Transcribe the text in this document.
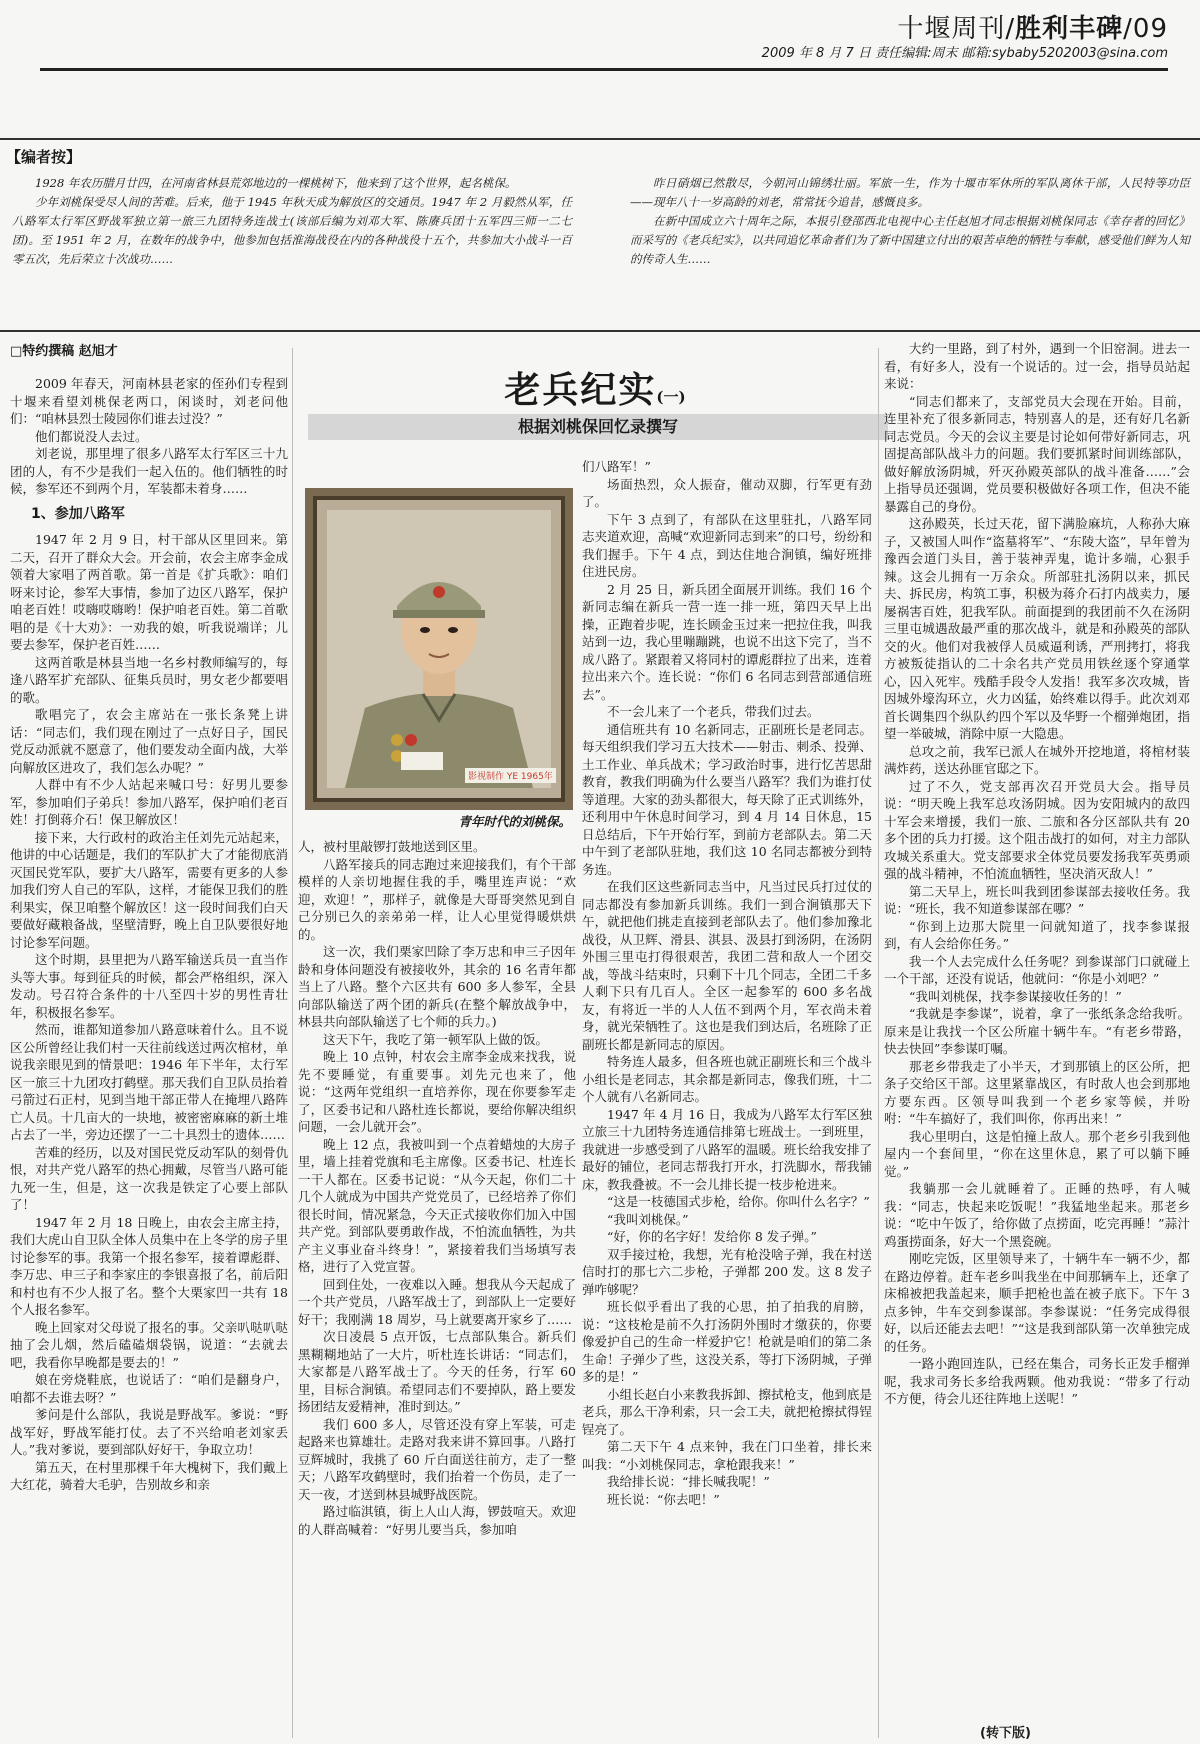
十堰周刊/胜利丰碑/09
2009 年 8 月 7 日 责任编辑:周末 邮箱:sybaby5202003@sina.com
【编者按】

1928 年农历腊月廿四，在河南省林县荒郊地边的一棵桃树下，他来到了这个世界，起名桃保。

少年刘桃保受尽人间的苦难。后来，他于 1945 年秋天成为解放区的交通员。1947 年 2 月毅然从军，任八路军太行军区野战军独立第一旅三九团特务连战士(该部后编为刘邓大军、陈赓兵团十五军四三师一二七团)。至 1951 年 2 月，在数年的战争中，他参加包括淮海战役在内的各种战役十五个，共参加大小战斗一百零五次，先后荣立十次战功……

昨日硝烟已然散尽，今朝河山锦绣壮丽。军旅一生，作为十堰市军休所的军队离休干部，人民特等功臣——现年八十一岁高龄的刘老，常常抚今追昔，感慨良多。

在新中国成立六十周年之际，本报引登邵西北电视中心主任赵旭才同志根据刘桃保同志《幸存者的回忆》而采写的《老兵纪实》，以共同追忆革命者们为了新中国建立付出的艰苦卓绝的牺牲与奉献，感受他们鲜为人知的传奇人生……

□特约撰稿 赵旭才
老兵纪实(一)
根据刘桃保回忆录撰写

2009 年春天，河南林县老家的侄孙们专程到十堰来看望刘桃保老两口，闲谈时，刘老问他们：“咱林县烈士陵园你们谁去过没？”

他们都说没人去过。

刘老说，那里埋了很多八路军太行军区三十九团的人，有不少是我们一起入伍的。他们牺牲的时候，参军还不到两个月，军装都未着身……

1、参加八路军

1947 年 2 月 9 日，村干部从区里回来。第二天，召开了群众大会。开会前，农会主席李金成领着大家唱了两首歌。第一首是《扩兵歌》：咱们呀来讨论，参军大事情，参加了边区八路军，保护咱老百姓！哎嗨哎嗨哟！保护咱老百姓。第二首歌唱的是《十大劝》：一劝我的娘，听我说端详；儿要去参军，保护老百姓……

这两首歌是林县当地一名乡村教师编写的，每逢八路军扩充部队、征集兵员时，男女老少都要唱的歌。

歌唱完了，农会主席站在一张长条凳上讲话：“同志们，我们现在刚过了一点好日子，国民党反动派就不愿意了，他们要发动全面内战，大举向解放区进攻了，我们怎么办呢？”

人群中有不少人站起来喊口号：好男儿要参军，参加咱们子弟兵！参加八路军，保护咱们老百姓！打倒蒋介石！保卫解放区！

接下来，大行政村的政治主任刘先元站起来，他讲的中心话题是，我们的军队扩大了才能彻底消灭国民党军队，要扩大八路军，需要有更多的人参加我们穷人自己的军队，这样，才能保卫我们的胜利果实，保卫咱整个解放区！这一段时间我们白天要做好藏粮备战，坚壁清野，晚上自卫队要很好地讨论参军问题。

这个时期，县里把为八路军输送兵员一直当作头等大事。每到征兵的时候，都会严格组织，深入发动。号召符合条件的十八至四十岁的男性青壮年，积极报名参军。

然而，谁都知道参加八路意味着什么。且不说区公所曾经让我们村一天往前线送过两次棺材，单说我亲眼见到的情景吧：1946 年下半年，太行军区一旅三十九团攻打鹤壁。那天我们自卫队员抬着弓箭过石正村，见到当地干部正带人在掩埋八路阵亡人员。十几亩大的一块地，被密密麻麻的新土堆占去了一半，旁边还摆了一二十具烈士的遗体……

苦难的经历，以及对国民党反动军队的刻骨仇恨，对共产党八路军的热心拥戴，尽管当八路可能九死一生，但是，这一次我是铁定了心要上部队了！

1947 年 2 月 18 日晚上，由农会主席主持，我们大虎山自卫队全体人员集中在上冬学的房子里讨论参军的事。我第一个报名参军，接着谭彪群、李万忠、申三子和李家庄的李银喜报了名，前后阳和村也有不少人报了名。整个大栗家凹一共有 18 个人报名参军。

晚上回家对父母说了报名的事。父亲叭哒叭哒抽了会儿烟，然后磕磕烟袋锅，说道：“去就去吧，我看你早晚都是要去的！”

娘在旁烧鞋底，也说话了：“咱们是翻身户，咱都不去谁去呀？”

爹问是什么部队，我说是野战军。爹说：“野战军好，野战军能打仗。去了不兴给咱老刘家丢人。”我对爹说，要到部队好好干，争取立功！

第五天，在村里那棵千年大槐树下，我们戴上大红花，骑着大毛驴，告别故乡和亲

影视制作 YE 1965年
青年时代的刘桃保。

人，被村里敲锣打鼓地送到区里。

八路军接兵的同志跑过来迎接我们，有个干部模样的人亲切地握住我的手，嘴里连声说：“欢迎，欢迎！”，那样子，就像是大哥哥突然见到自己分别已久的亲弟弟一样，让人心里觉得暖烘烘的。

这一次，我们栗家凹除了李万忠和申三子因年龄和身体问题没有被接收外，其余的 16 名青年都当上了八路。整个六区共有 600 多人参军，全县向部队输送了两个团的新兵(在整个解放战争中，林县共向部队输送了七个师的兵力。)

这天下午，我吃了第一顿军队上做的饭。

晚上 10 点钟，村农会主席李金成来找我，说先不要睡觉，有重要事。刘先元也来了，他说：“这两年党组织一直培养你，现在你要参军走了，区委书记和八路杜连长都说，要给你解决组织问题，一会儿就开会”。

晚上 12 点，我被叫到一个点着蜡烛的大房子里，墙上挂着党旗和毛主席像。区委书记、杜连长一干人都在。区委书记说：“从今天起，你们二十几个人就成为中国共产党党员了，已经培养了你们很长时间，情况紧急，今天正式接收你们加入中国共产党。到部队要勇敢作战，不怕流血牺牲，为共产主义事业奋斗终身！”，紧接着我们当场填写表格，进行了入党宣誓。

回到住处，一夜难以入睡。想我从今天起成了一个共产党员，八路军战士了，到部队上一定要好好干；我刚满 18 周岁，马上就要离开家乡了……

次日凌晨 5 点开饭，七点部队集合。新兵们黑糊糊地站了一大片，听杜连长讲话：“同志们，大家都是八路军战士了。今天的任务，行军 60 里，目标合涧镇。希望同志们不要掉队，路上要发扬团结友爱精神，准时到达。”

我们 600 多人，尽管还没有穿上军装，可走起路来也算雄壮。走路对我来讲不算回事。八路打豆辉城时，我挑了 60 斤白面送往前方，走了一整天；八路军攻鹤壁时，我们抬着一个伤员，走了一天一夜，才送到林县城野战医院。

路过临淇镇，街上人山人海，锣鼓喧天。欢迎的人群高喊着：“好男儿要当兵，参加咱

们八路军！”

场面热烈，众人振奋，催动双脚，行军更有劲了。

下午 3 点到了，有部队在这里驻扎，八路军同志夹道欢迎，高喊“欢迎新同志到来”的口号，纷纷和我们握手。下午 4 点，到达住地合涧镇，编好班排住进民房。

2 月 25 日，新兵团全面展开训练。我们 16 个新同志编在新兵一营一连一排一班，第四天早上出操，正跑着步呢，连长顾金玉过来一把拉住我，叫我站到一边，我心里嘣蹦跳，也说不出这下完了，当不成八路了。紧跟着又将同村的谭彪群拉了出来，连着拉出来六个。连长说：“你们 6 名同志到营部通信班去”。

不一会儿来了一个老兵，带我们过去。

通信班共有 10 名新同志，正副班长是老同志。每天组织我们学习五大技术——射击、刺杀、投弹、土工作业、单兵战术；学习政治时事，进行忆苦思甜教育，教我们明确为什么要当八路军？我们为谁打仗等道理。大家的劲头都很大，每天除了正式训练外，还利用中午休息时间学习，到 4 月 14 日休息，15 日总结后，下午开始行军，到前方老部队去。第二天中午到了老部队驻地，我们这 10 名同志都被分到特务连。

在我们区这些新同志当中，凡当过民兵打过仗的同志都没有参加新兵训练。我们一到合涧镇那天下午，就把他们挑走直接到老部队去了。他们参加豫北战役，从卫辉、滑县、淇县、汲县打到汤阴，在汤阴外围三里屯打得很艰苦，我团二营和敌人一个团交战，等战斗结束时，只剩下十几个同志，全团二千多人剩下只有几百人。全区一起参军的 600 多名战友，有将近一半的人人伍不到两个月，军衣尚未着身，就光荣牺牲了。这也是我们到达后，名班除了正副班长都是新同志的原因。

特务连人最多，但各班也就正副班长和三个战斗小组长是老同志，其余都是新同志，像我们班，十二个人就有八名新同志。

1947 年 4 月 16 日，我成为八路军太行军区独立旅三十九团特务连通信排第七班战士。一到班里，我就进一步感受到了八路军的温暖。班长给我安排了最好的铺位，老同志帮我打开水，打洗脚水，帮我铺床，教我叠被。不一会儿排长提一枝步枪进来。

“这是一枝德国式步枪，给你。你叫什么名字？”

“我叫刘桃保。”

“好，你的名字好！发给你 8 发子弹。”

双手接过枪，我想，光有枪没啥子弹，我在村送信时打的那七六二步枪，子弹都 200 发。这 8 发子弹咋够呢？

班长似乎看出了我的心思，拍了拍我的肩膀，说：“这枝枪是前不久打汤阴外围时才缴获的，你要像爱护自己的生命一样爱护它！枪就是咱们的第二条生命！子弹少了些，这没关系，等打下汤阴城，子弹多的是！”

小组长赵白小来教我拆卸、擦拭枪支，他到底是老兵，那么干净利索，只一会工夫，就把枪擦拭得锃锃亮了。

第二天下午 4 点来钟，我在门口坐着，排长来叫我：“小刘桃保同志，拿枪跟我来！”

我给排长说：“排长喊我呢！”

班长说：“你去吧！”

大约一里路，到了村外，遇到一个旧窑洞。进去一看，有好多人，没有一个说话的。过一会，指导员站起来说：

“同志们都来了，支部党员大会现在开始。目前，连里补充了很多新同志，特别喜人的是，还有好几名新同志党员。今天的会议主要是讨论如何带好新同志，巩固提高部队战斗力的问题。我们要抓紧时间训练部队，做好解放汤阴城，歼灭孙殿英部队的战斗准备……”会上指导员还强调，党员要积极做好各项工作，但决不能暴露自己的身份。

这孙殿英，长过天花，留下满脸麻坑，人称孙大麻子，又被国人叫作“盗墓将军”、“东陵大盗”，早年曾为豫西会道门头目，善于装神弄鬼，诡计多端，心狠手辣。这会儿拥有一万余众。所部驻扎汤阴以来，抓民夫、拆民房，构筑工事，积极为蒋介石打内战卖力，屡屡祸害百姓，犯我军队。前面提到的我团前不久在汤阴三里屯城遇敌最严重的那次战斗，就是和孙殿英的部队交的火。他们对我被俘人员威逼利诱，严刑拷打，将我方被叛徒指认的二十余名共产党员用铁丝逐个穿通掌心，囚入死牢。残酷手段令人发指！我军多次攻城，皆因城外壕沟环立，火力凶猛，始终难以得手。此次刘邓首长调集四个纵队约四个军以及华野一个榴弹炮团，指望一举破城，消除中原一大隐患。

总攻之前，我军已派人在城外开挖地道，将棺材装满炸药，送达孙匪官邸之下。

过了不久，党支部再次召开党员大会。指导员说：“明天晚上我军总攻汤阴城。因为安阳城内的敌四十军会来增援，我们一旅、二旅和各分区部队共有 20 多个团的兵力打援。这个阻击战打的如何，对主力部队攻城关系重大。党支部要求全体党员要发扬我军英勇顽强的战斗精神，不怕流血牺牲，坚决消灭敌人！”

第二天早上，班长叫我到团参谋部去接收任务。我说：“班长，我不知道参谋部在哪？”

“你到上边那大院里一问就知道了，找李参谋报到，有人会给你任务。”

我一个人去完成什么任务呢？到参谋部门口就碰上一个干部，还没有说话，他就问：“你是小刘吧？”

“我叫刘桃保，找李参谋接收任务的！”

“我就是李参谋”，说着，拿了一张纸条念给我听。原来是让我找一个区公所雇十辆牛车。“有老乡带路，快去快回”李参谋叮嘱。

那老乡带我走了小半天，才到那镇上的区公所，把条子交给区干部。这里紧靠战区，有时敌人也会到那地方要东西。区领导叫我到一个老乡家等候，并吩咐：“牛车搞好了，我们叫你，你再出来！”

我心里明白，这是怕撞上敌人。那个老乡引我到他屋内一个套间里，“你在这里休息，累了可以躺下睡觉。”

我躺那一会儿就睡着了。正睡的热呼，有人喊我：“同志，快起来吃饭呢！”我猛地坐起来。那老乡说：“吃中午饭了，给你做了点捞面，吃完再睡！”蒜汁鸡蛋捞面条，好大一个黑瓷碗。

刚吃完饭，区里领导来了，十辆牛车一辆不少，都在路边停着。赶车老乡叫我坐在中间那辆车上，还拿了床棉被把我盖起来，顺手把枪也盖在被子底下。下午 3 点多钟，牛车交到参谋部。李参谋说：“任务完成得很好，以后还能去去吧！”“这是我到部队第一次单独完成的任务。

一路小跑回连队，已经在集合，司务长正发手榴弹呢，我求司务长多给我两颗。他劝我说：“带多了行动不方便，待会儿还往阵地上送呢！”

(转下版)
